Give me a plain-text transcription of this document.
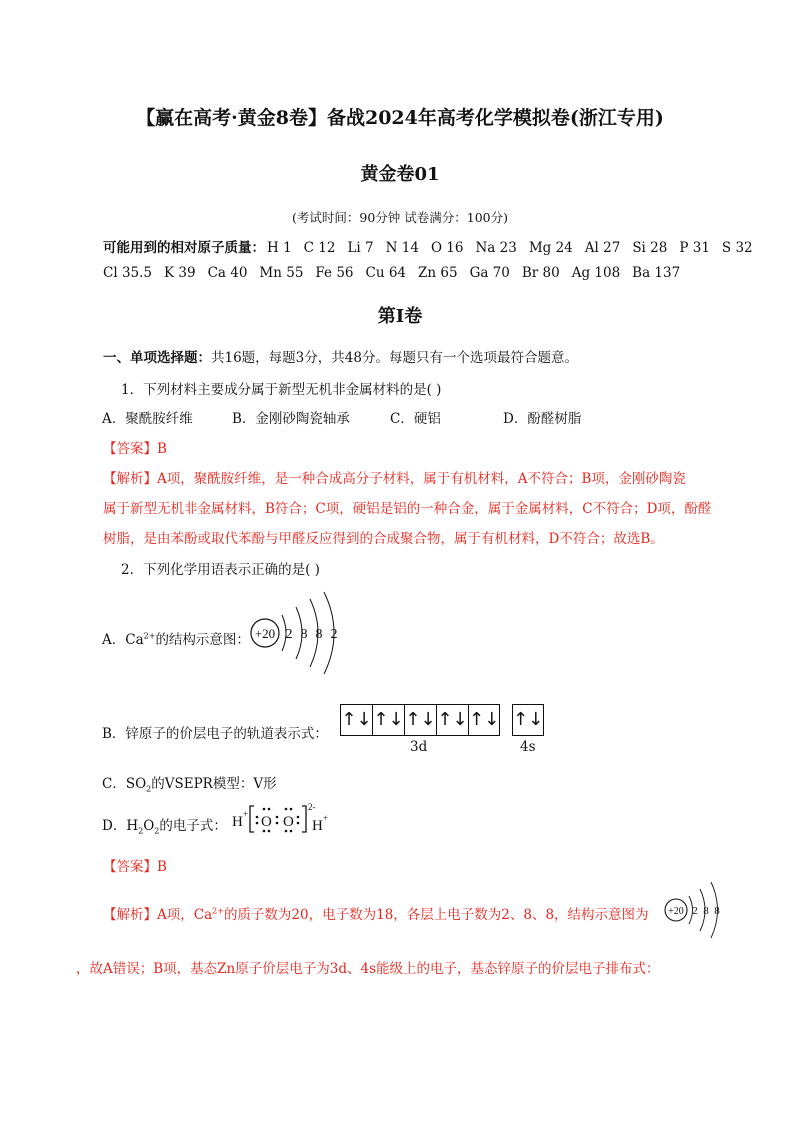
【赢在高考·黄金8卷】备战2024年高考化学模拟卷(浙江专用)
黄金卷01
(考试时间：90分钟 试卷满分：100分)
可能用到的相对原子质量： H 1 C 12 Li 7 N 14 O 16 Na 23 Mg 24 Al 27 Si 28 P 31 S 32
Cl 35.5 K 39 Ca 40 Mn 55 Fe 56 Cu 64 Zn 65 Ga 70 Br 80 Ag 108 Ba 137
第Ⅰ卷
一、单项选择题：共16题，每题3分，共48分。每题只有一个选项最符合题意。
1．下列材料主要成分属于新型无机非金属材料的是( )
A．聚酰胺纤维	B．金刚砂陶瓷轴承	C．硬铝	D．酚醛树脂
【答案】B
【解析】A项，聚酰胺纤维，是一种合成高分子材料，属于有机材料，A不符合；B项，金刚砂陶瓷
属于新型无机非金属材料，B符合；C项，硬铝是铝的一种合金，属于金属材料，C不符合；D项，酚醛
树脂，是由苯酚或取代苯酚与甲醛反应得到的合成聚合物，属于有机材料，D不符合；故选B。
2．下列化学用语表示正确的是( )
A．$Ca^{2+}$的结构示意图： +20 2 8 8 2
B．锌原子的价层电子的轨道表示式：
↑↓ ↑↓ ↑↓ ↑↓ ↑↓ ↑↓
3d	4s
C．$SO_2$的VSEPR模型：V形
D．$H_2O_2$的电子式： H + O O
2-
H +
【答案】B
【解析】A项，$Ca^{2+}$的质子数为20，电子数为18，各层上电子数为2、8、8，结构示意图为 +20 2 8 8
，故A错误；B项，基态Zn原子价层电子为3d、4s能级上的电子，基态锌原子的价层电子排布式：
